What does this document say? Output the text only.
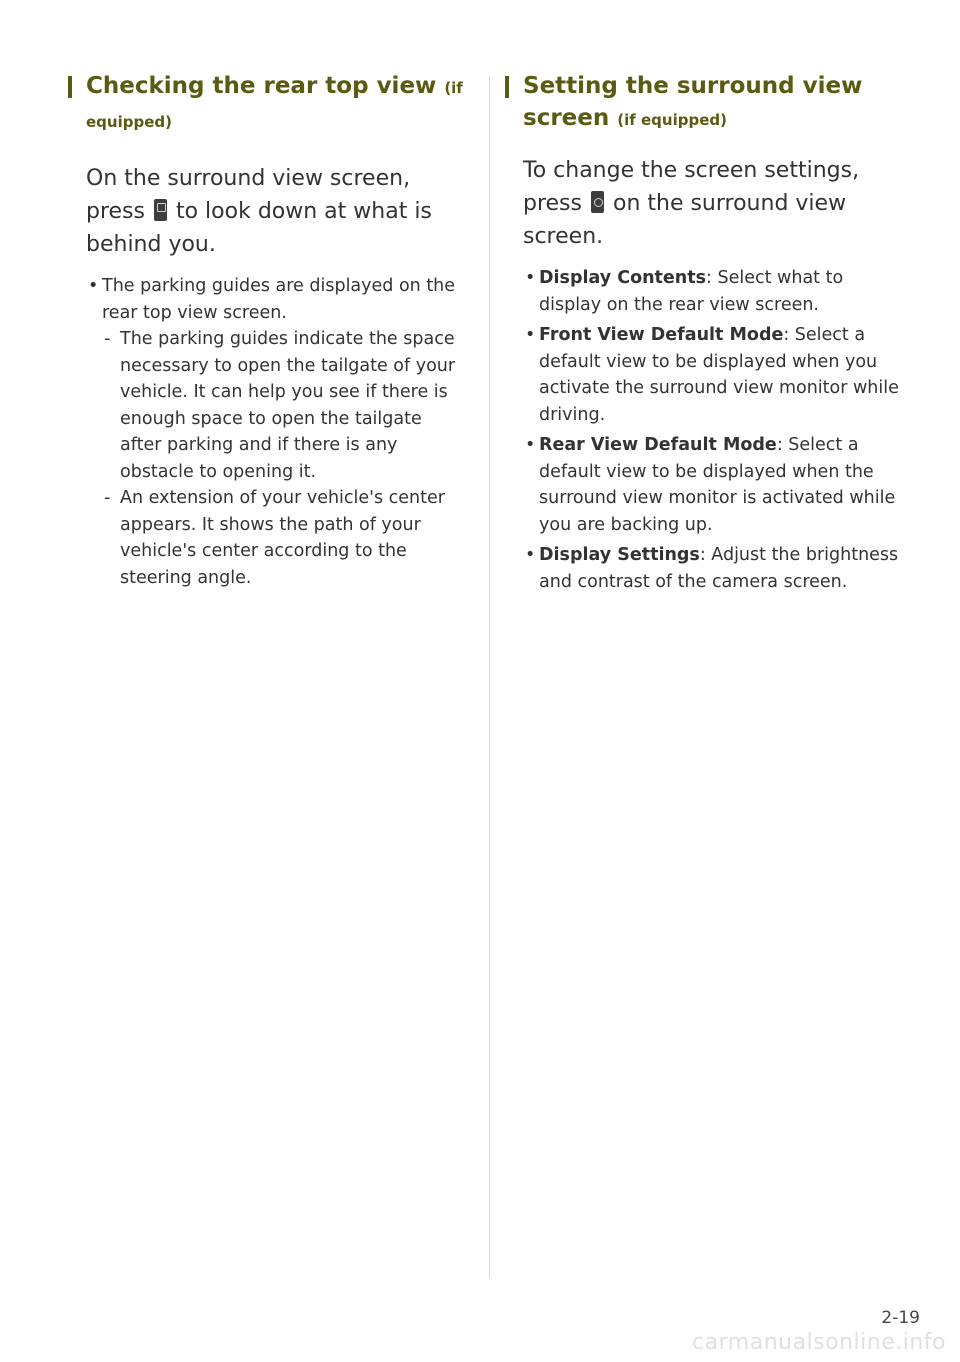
Checking the rear top view (if
equipped)

On the surround view screen, press  to look down at what is behind you.

• The parking guides are displayed on the rear top view screen.
- The parking guides indicate the space necessary to open the tailgate of your vehicle. It can help you see if there is enough space to open the tailgate after parking and if there is any obstacle to opening it.
- An extension of your vehicle's center appears. It shows the path of your vehicle's center according to the steering angle.
Setting the surround view
screen (if equipped)

To change the screen settings, press  on the surround view screen.

• Display Contents: Select what to display on the rear view screen.
• Front View Default Mode: Select a default view to be displayed when you activate the surround view monitor while driving.
• Rear View Default Mode: Select a default view to be displayed when the surround view monitor is activated while you are backing up.
• Display Settings: Adjust the brightness and contrast of the camera screen.
2-19
carmanualsonline.info
